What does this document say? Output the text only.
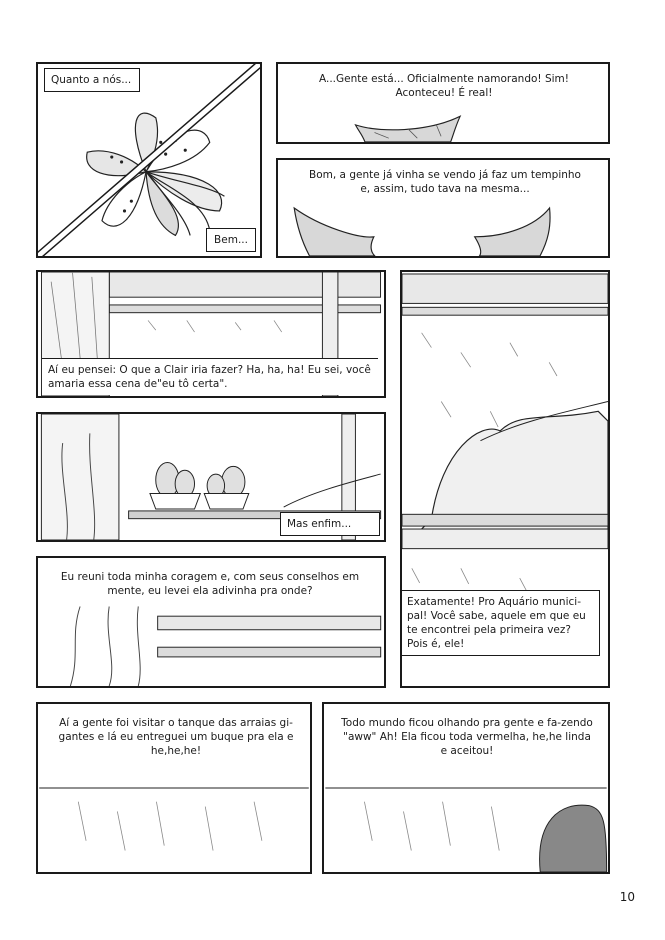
Quanto a nós...
Bem...
A...Gente está... Oficialmente namorando! Sim! Aconteceu! É real!
Bom, a gente já vinha se vendo já faz um tempinho e, assim, tudo tava na mesma...
Aí eu pensei: O que a Clair iria fazer? Ha, ha, ha! Eu sei, você amaria essa cena de"eu tô certa".
Exatamente! Pro Aquário munici-pal! Você sabe, aquele em que eu te encontrei pela primeira vez? Pois é, ele!
Mas enfim...
Eu reuni toda minha coragem e, com seus conselhos em mente, eu levei ela adivinha pra onde?
Aí a gente foi visitar o tanque das arraias gi-gantes e lá eu entreguei um buque pra ela e he,he,he!
Todo mundo ficou olhando pra gente e fa-zendo "aww" Ah! Ela ficou toda vermelha, he,he linda e aceitou!
10
